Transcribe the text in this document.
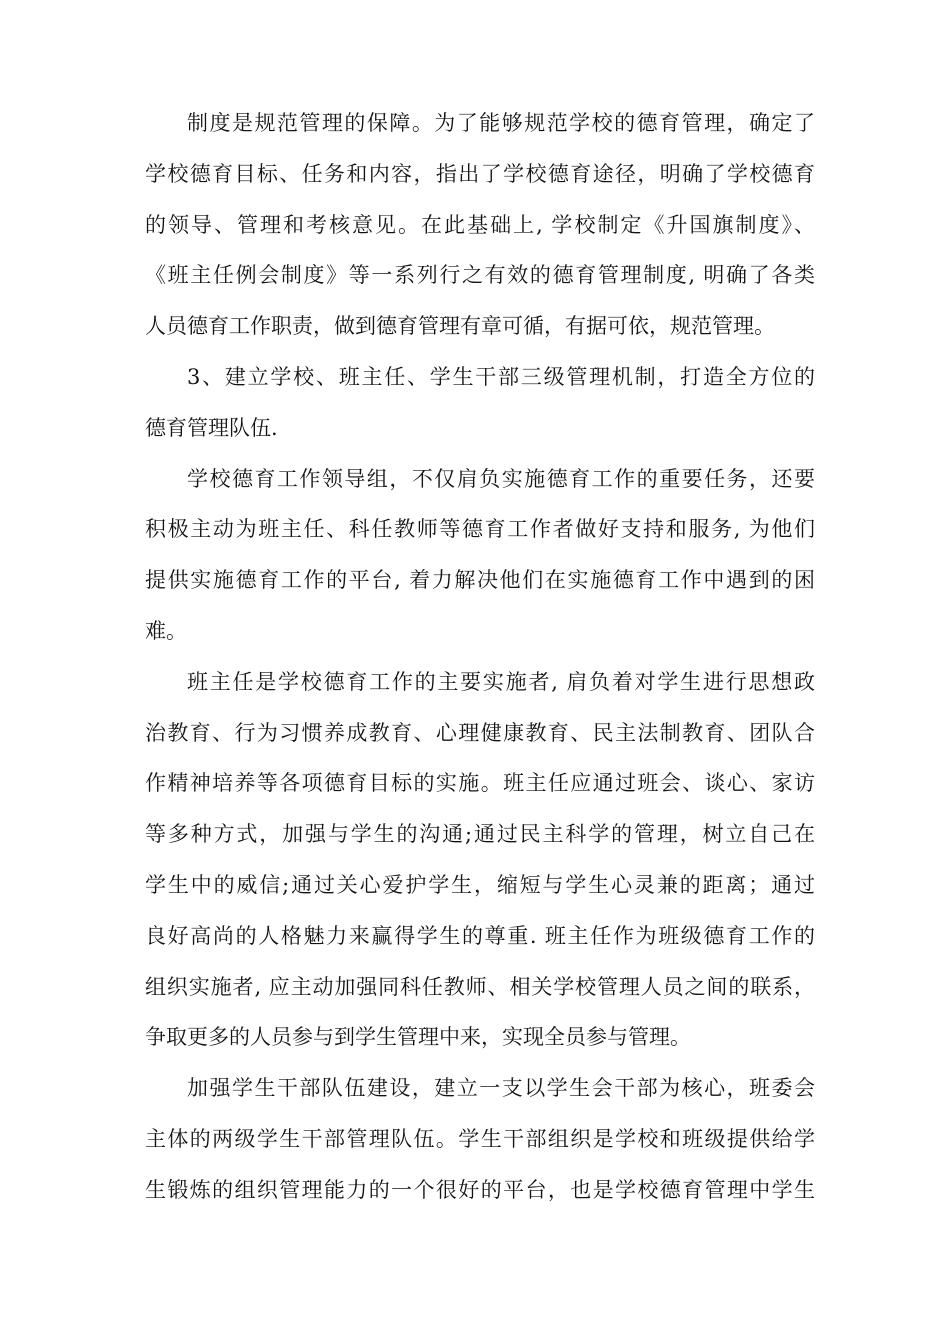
制度是规范管理的保障。为了能够规范学校的德育管理，确定了
学校德育目标、任务和内容，指出了学校德育途径，明确了学校德育
的领导、管理和考核意见。在此基础上, 学校制定《升国旗制度》、
《班主任例会制度》等一系列行之有效的德育管理制度, 明确了各类
人员德育工作职责，做到德育管理有章可循，有据可依，规范管理。
3、建立学校、班主任、学生干部三级管理机制，打造全方位的
德育管理队伍.
学校德育工作领导组，不仅肩负实施德育工作的重要任务，还要
积极主动为班主任、科任教师等德育工作者做好支持和服务, 为他们
提供实施德育工作的平台, 着力解决他们在实施德育工作中遇到的困
难。
班主任是学校德育工作的主要实施者, 肩负着对学生进行思想政
治教育、行为习惯养成教育、心理健康教育、民主法制教育、团队合
作精神培养等各项德育目标的实施。班主任应通过班会、谈心、家访
等多种方式，加强与学生的沟通;通过民主科学的管理，树立自己在
学生中的威信;通过关心爱护学生，缩短与学生心灵兼的距离；通过
良好高尚的人格魅力来赢得学生的尊重. 班主任作为班级德育工作的
组织实施者, 应主动加强同科任教师、相关学校管理人员之间的联系，
争取更多的人员参与到学生管理中来，实现全员参与管理。
加强学生干部队伍建设，建立一支以学生会干部为核心，班委会
主体的两级学生干部管理队伍。学生干部组织是学校和班级提供给学
生锻炼的组织管理能力的一个很好的平台，也是学校德育管理中学生
